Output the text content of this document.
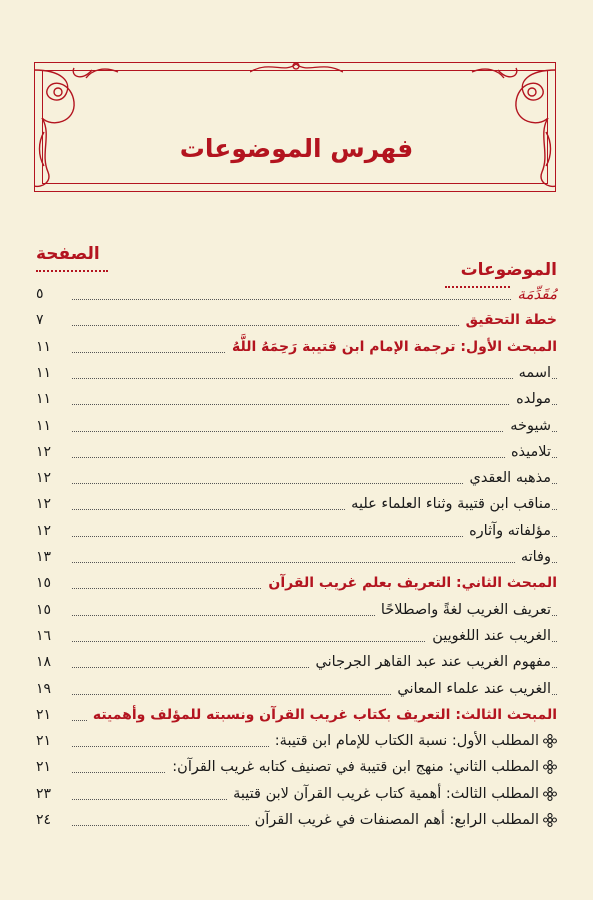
فهرس الموضوعات
الصفحة
الموضوعات
مُقَدِّمَة
٥
خطة التحقيق
٧
المبحث الأول: ترجمة الإمام ابن قتيبة رَحِمَهُ اللَّهُ
١١
اسمه
١١
مولده
١١
شيوخه
١١
تلاميذه
١٢
مذهبه العقدي
١٢
مناقب ابن قتيبة وثناء العلماء عليه
١٢
مؤلفاته وآثاره
١٢
وفاته
١٣
المبحث الثاني: التعريف بعلم غريب القرآن
١٥
تعريف الغريب لغةً واصطلاحًا
١٥
الغريب عند اللغويين
١٦
مفهوم الغريب عند عبد القاهر الجرجاني
١٨
الغريب عند علماء المعاني
١٩
المبحث الثالث: التعريف بكتاب غريب القرآن ونسبته للمؤلف وأهميته
٢١
المطلب الأول: نسبة الكتاب للإمام ابن قتيبة:
٢١
المطلب الثاني: منهج ابن قتيبة في تصنيف كتابه غريب القرآن:
٢١
المطلب الثالث: أهمية كتاب غريب القرآن لابن قتيبة
٢٣
المطلب الرابع: أهم المصنفات في غريب القرآن
٢٤
